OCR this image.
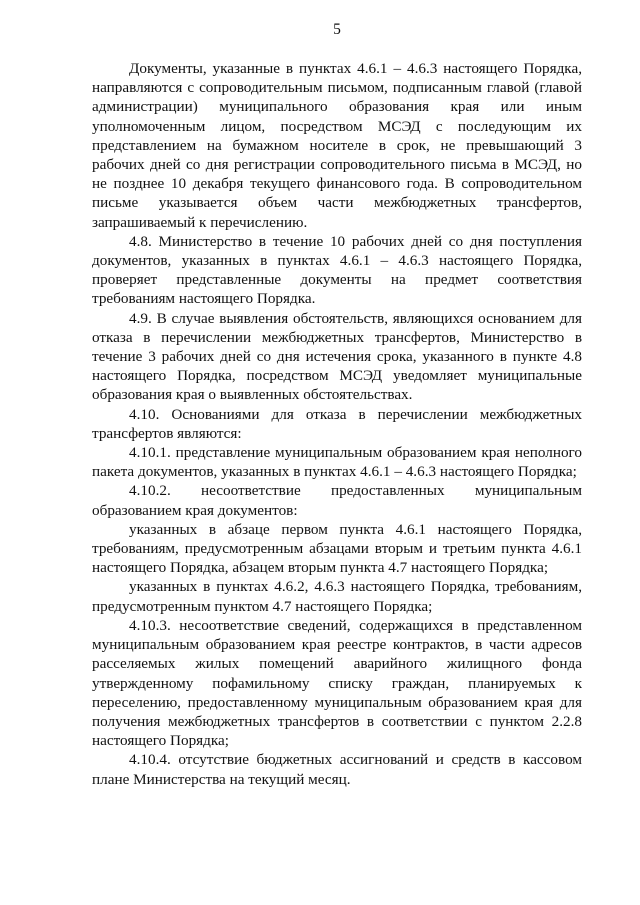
5

Документы, указанные в пунктах 4.6.1 – 4.6.3 настоящего Порядка, направляются с сопроводительным письмом, подписанным главой (главой администрации) муниципального образования края или иным уполномоченным лицом, посредством МСЭД с последующим их представлением на бумажном носителе в срок, не превышающий 3 рабочих дней со дня регистрации сопроводительного письма в МСЭД, но не позднее 10 декабря текущего финансового года. В сопроводительном письме указывается объем части межбюджетных трансфертов, запрашиваемый к перечислению.

4.8. Министерство в течение 10 рабочих дней со дня поступления документов, указанных в пунктах 4.6.1 – 4.6.3 настоящего Порядка, проверяет представленные документы на предмет соответствия требованиям настоящего Порядка.

4.9. В случае выявления обстоятельств, являющихся основанием для отказа в перечислении межбюджетных трансфертов, Министерство в течение 3 рабочих дней со дня истечения срока, указанного в пункте 4.8 настоящего Порядка, посредством МСЭД уведомляет муниципальные образования края о выявленных обстоятельствах.

4.10. Основаниями для отказа в перечислении межбюджетных трансфертов являются:

4.10.1. представление муниципальным образованием края неполного пакета документов, указанных в пунктах 4.6.1 – 4.6.3 настоящего Порядка;

4.10.2. несоответствие предоставленных муниципальным образованием края документов:

указанных в абзаце первом пункта 4.6.1 настоящего Порядка, требованиям, предусмотренным абзацами вторым и третьим пункта 4.6.1 настоящего Порядка, абзацем вторым пункта 4.7 настоящего Порядка;

указанных в пунктах 4.6.2, 4.6.3 настоящего Порядка, требованиям, предусмотренным пунктом 4.7 настоящего Порядка;

4.10.3. несоответствие сведений, содержащихся в представленном муниципальным образованием края реестре контрактов, в части адресов расселяемых жилых помещений аварийного жилищного фонда утвержденному пофамильному списку граждан, планируемых к переселению, предоставленному муниципальным образованием края для получения межбюджетных трансфертов в соответствии с пунктом 2.2.8 настоящего Порядка;

4.10.4. отсутствие бюджетных ассигнований и средств в кассовом плане Министерства на текущий месяц.
